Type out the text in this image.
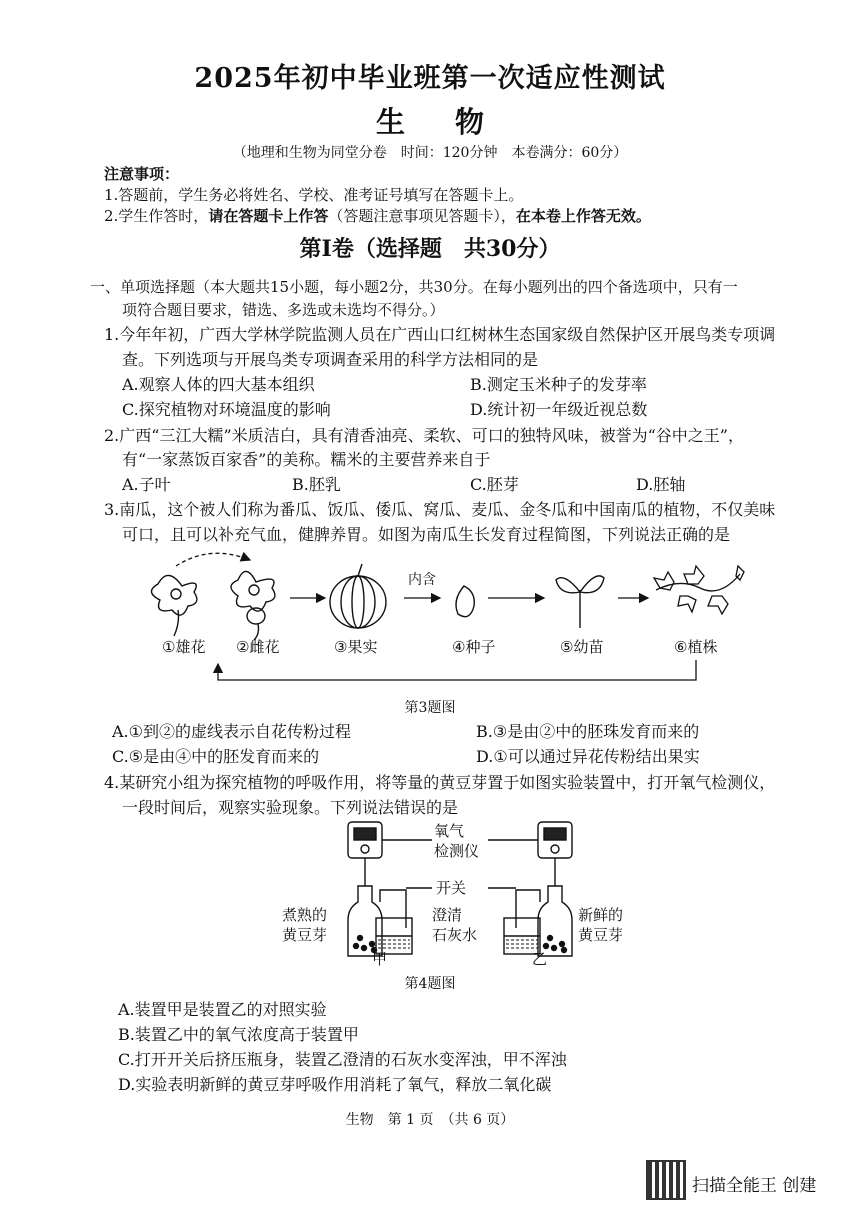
2025年初中毕业班第一次适应性测试
生 物
（地理和生物为同堂分卷　时间：120分钟　本卷满分：60分）
注意事项：
1.答题前，学生务必将姓名、学校、准考证号填写在答题卡上。
2.学生作答时，请在答题卡上作答（答题注意事项见答题卡），在本卷上作答无效。
第Ⅰ卷（选择题　共30分）
一、单项选择题（本大题共15小题，每小题2分，共30分。在每小题列出的四个备选项中，只有一
项符合题目要求，错选、多选或未选均不得分。）
1.今年年初，广西大学林学院监测人员在广西山口红树林生态国家级自然保护区开展鸟类专项调
查。下列选项与开展鸟类专项调查采用的科学方法相同的是
A.观察人体的四大基本组织	B.测定玉米种子的发芽率
C.探究植物对环境温度的影响	D.统计初一年级近视总数
2.广西“三江大糯”米质洁白，具有清香油亮、柔软、可口的独特风味，被誉为“谷中之王”，
有“一家蒸饭百家香”的美称。糯米的主要营养来自于
A.子叶	B.胚乳	C.胚芽	D.胚轴
3.南瓜，这个被人们称为番瓜、饭瓜、倭瓜、窝瓜、麦瓜、金冬瓜和中国南瓜的植物，不仅美味
可口，且可以补充气血，健脾养胃。如图为南瓜生长发育过程简图，下列说法正确的是
内含
①雄花 ②雌花	③果实	④种子	⑤幼苗	⑥植株
第3题图
A.①到②的虚线表示自花传粉过程	B.③是由②中的胚珠发育而来的
C.⑤是由④中的胚发育而来的	D.①可以通过异花传粉结出果实
4.某研究小组为探究植物的呼吸作用，将等量的黄豆芽置于如图实验装置中，打开氧气检测仪，
一段时间后，观察实验现象。下列说法错误的是
氧气
检测仪
开关
煮熟的
黄豆芽
澄清
石灰水
新鲜的
黄豆芽
甲	乙
第4题图
A.装置甲是装置乙的对照实验
B.装置乙中的氧气浓度高于装置甲
C.打开开关后挤压瓶身，装置乙澄清的石灰水变浑浊，甲不浑浊
D.实验表明新鲜的黄豆芽呼吸作用消耗了氧气，释放二氧化碳
生物　第 1 页　（共 6 页）
扫描全能王 创建
